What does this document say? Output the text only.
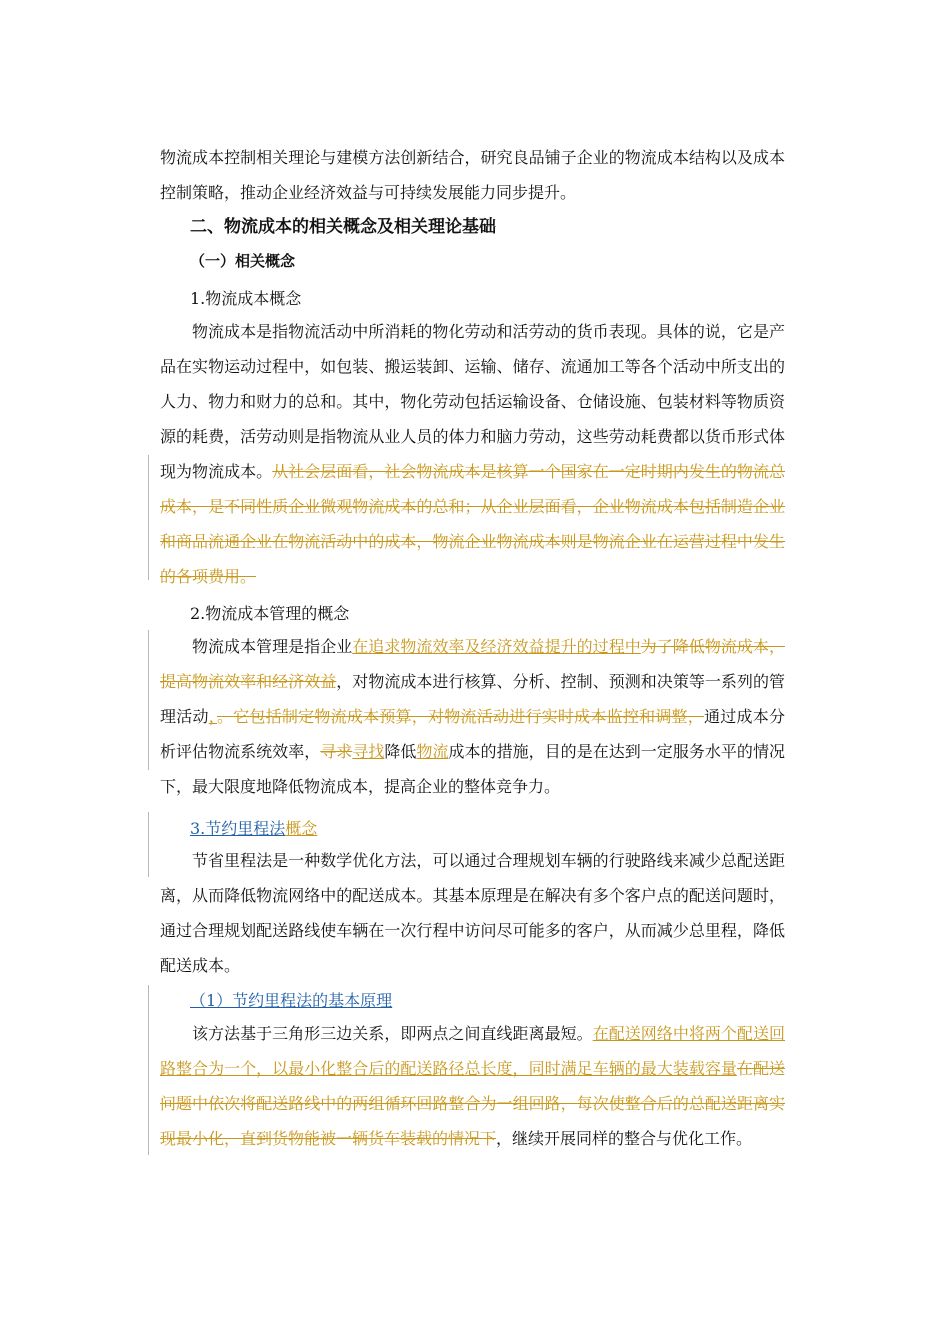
物流成本控制相关理论与建模方法创新结合，研究良品铺子企业的物流成本结构以及成本控制策略，推动企业经济效益与可持续发展能力同步提升。

二、物流成本的相关概念及相关理论基础

（一）相关概念

1.物流成本概念

物流成本是指物流活动中所消耗的物化劳动和活劳动的货币表现。具体的说，它是产品在实物运动过程中，如包装、搬运装卸、运输、储存、流通加工等各个活动中所支出的人力、物力和财力的总和。其中，物化劳动包括运输设备、仓储设施、包装材料等物质资源的耗费，活劳动则是指物流从业人员的体力和脑力劳动，这些劳动耗费都以货币形式体现为物流成本。从社会层面看，社会物流成本是核算一个国家在一定时期内发生的物流总成本，是不同性质企业微观物流成本的总和；从企业层面看，企业物流成本包括制造企业和商品流通企业在物流活动中的成本，物流企业物流成本则是物流企业在运营过程中发生的各项费用。

2.物流成本管理的概念

物流成本管理是指企业在追求物流效率及经济效益提升的过程中为了降低物流成本，提高物流效率和经济效益，对物流成本进行核算、分析、控制、预测和决策等一系列的管理活动，。它包括制定物流成本预算，对物流活动进行实时成本监控和调整，通过成本分析评估物流系统效率，寻求寻找降低物流成本的措施，目的是在达到一定服务水平的情况下，最大限度地降低物流成本，提高企业的整体竞争力。

3.节约里程法概念

节省里程法是一种数学优化方法，可以通过合理规划车辆的行驶路线来减少总配送距离，从而降低物流网络中的配送成本。其基本原理是在解决有多个客户点的配送问题时，通过合理规划配送路线使车辆在一次行程中访问尽可能多的客户，从而减少总里程，降低配送成本。

（1）节约里程法的基本原理

该方法基于三角形三边关系，即两点之间直线距离最短。在配送网络中将两个配送回路整合为一个，以最小化整合后的配送路径总长度，同时满足车辆的最大装载容量在配送问题中依次将配送路线中的两组循环回路整合为一组回路，每次使整合后的总配送距离实现最小化，直到货物能被一辆货车装载的情况下，继续开展同样的整合与优化工作。
